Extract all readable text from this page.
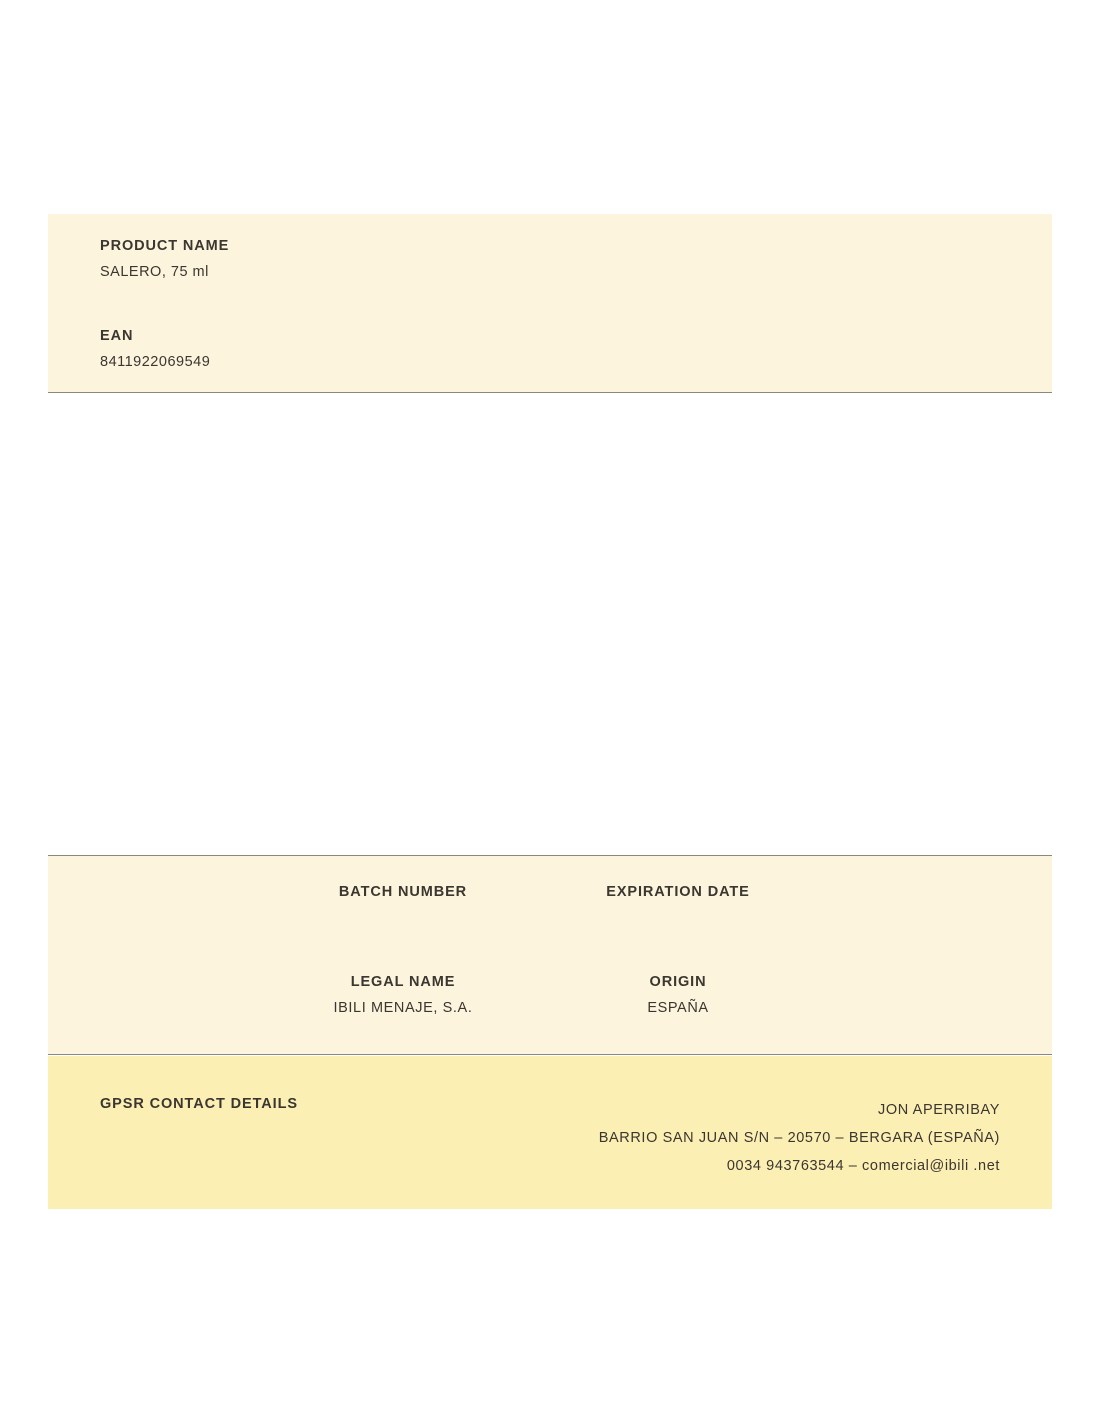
PRODUCT NAME
SALERO, 75 ml
EAN
8411922069549
BATCH NUMBER	EXPIRATION DATE
LEGAL NAME
IBILI MENAJE, S.A.
ORIGIN
ESPAÑA
GPSR CONTACT DETAILS	JON APERRIBAY
BARRIO SAN JUAN S/N – 20570 – BERGARA (ESPAÑA)
0034 943763544 – comercial@ibili .net
